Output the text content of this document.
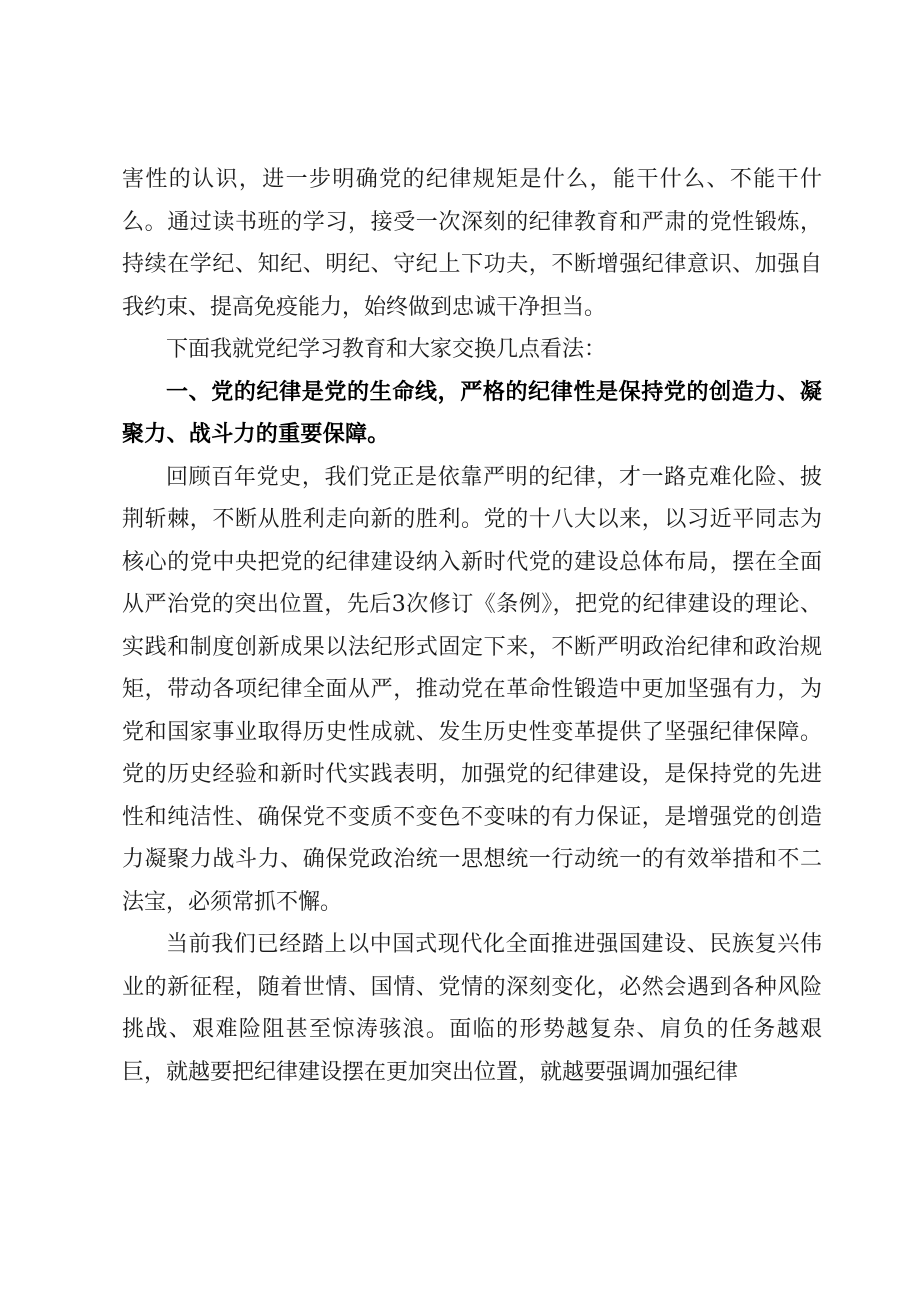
害性的认识，进一步明确党的纪律规矩是什么，能干什么、不能干什么。通过读书班的学习，接受一次深刻的纪律教育和严肃的党性锻炼，持续在学纪、知纪、明纪、守纪上下功夫，不断增强纪律意识、加强自我约束、提高免疫能力，始终做到忠诚干净担当。

下面我就党纪学习教育和大家交换几点看法：

一、党的纪律是党的生命线，严格的纪律性是保持党的创造力、凝聚力、战斗力的重要保障。

回顾百年党史，我们党正是依靠严明的纪律，才一路克难化险、披荆斩棘，不断从胜利走向新的胜利。党的十八大以来，以习近平同志为核心的党中央把党的纪律建设纳入新时代党的建设总体布局，摆在全面从严治党的突出位置，先后3次修订《条例》，把党的纪律建设的理论、实践和制度创新成果以法纪形式固定下来，不断严明政治纪律和政治规矩，带动各项纪律全面从严，推动党在革命性锻造中更加坚强有力，为党和国家事业取得历史性成就、发生历史性变革提供了坚强纪律保障。党的历史经验和新时代实践表明，加强党的纪律建设，是保持党的先进性和纯洁性、确保党不变质不变色不变味的有力保证，是增强党的创造力凝聚力战斗力、确保党政治统一思想统一行动统一的有效举措和不二法宝，必须常抓不懈。

当前我们已经踏上以中国式现代化全面推进强国建设、民族复兴伟业的新征程，随着世情、国情、党情的深刻变化，必然会遇到各种风险挑战、艰难险阻甚至惊涛骇浪。面临的形势越复杂、肩负的任务越艰巨，就越要把纪律建设摆在更加突出位置，就越要强调加强纪律
